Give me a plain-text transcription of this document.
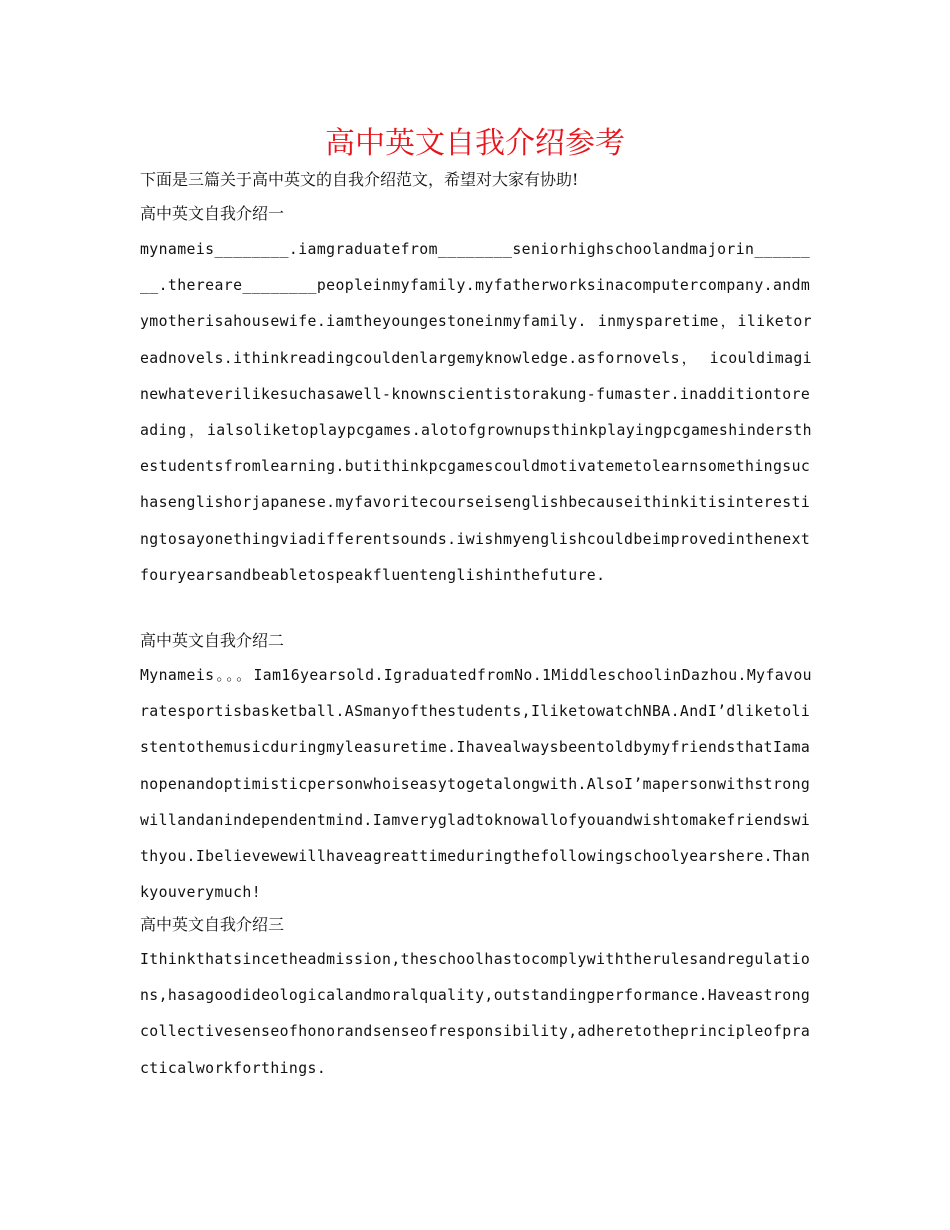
高中英文自我介绍参考

下面是三篇关于高中英文的自我介绍范文，希望对大家有协助!

高中英文自我介绍一

mynameis________.iamgraduatefrom________seniorhighschoolandmajorin________.thereare________peopleinmyfamily.myfatherworksinacomputercompany.andmymotherisahousewife.iamtheyoungestoneinmyfamily. inmysparetime，iliketoreadnovels.ithinkreadingcouldenlargemyknowledge.asfornovels， icouldimaginewhateverilikesuchasawell-knownscientistorakung-fumaster.inadditiontoreading，ialsoliketoplaypcgames.alotofgrownupsthinkplayingpcgameshindersthestudentsfromlearning.butithinkpcgamescouldmotivatemetolearnsomethingsuchasenglishorjapanese.myfavoritecourseisenglishbecauseithinkitisinterestingtosayonethingviadifferentsounds.iwishmyenglishcouldbeimprovedinthenextfouryearsandbeabletospeakfluentenglishinthefuture.

高中英文自我介绍二

Mynameis。。。Iam16yearsold.IgraduatedfromNo.1MiddleschoolinDazhou.Myfavouratesportisbasketball.ASmanyofthestudents,IliketowatchNBA.AndI’dliketolistentothemusicduringmyleasuretime.IhavealwaysbeentoldbymyfriendsthatIamanopenandoptimisticpersonwhoiseasytogetalongwith.AlsoI’mapersonwithstrongwillandanindependentmind.Iamverygladtoknowallofyouandwishtomakefriendswithyou.Ibelievewewillhaveagreattimeduringthefollowingschoolyearshere.Thankyouverymuch!

高中英文自我介绍三

Ithinkthatsincetheadmission,theschoolhastocomplywiththerulesandregulations,hasagoodideologicalandmoralquality,outstandingperformance.Haveastrongcollectivesenseofhonorandsenseofresponsibility,adheretotheprincipleofpracticalworkforthings.
